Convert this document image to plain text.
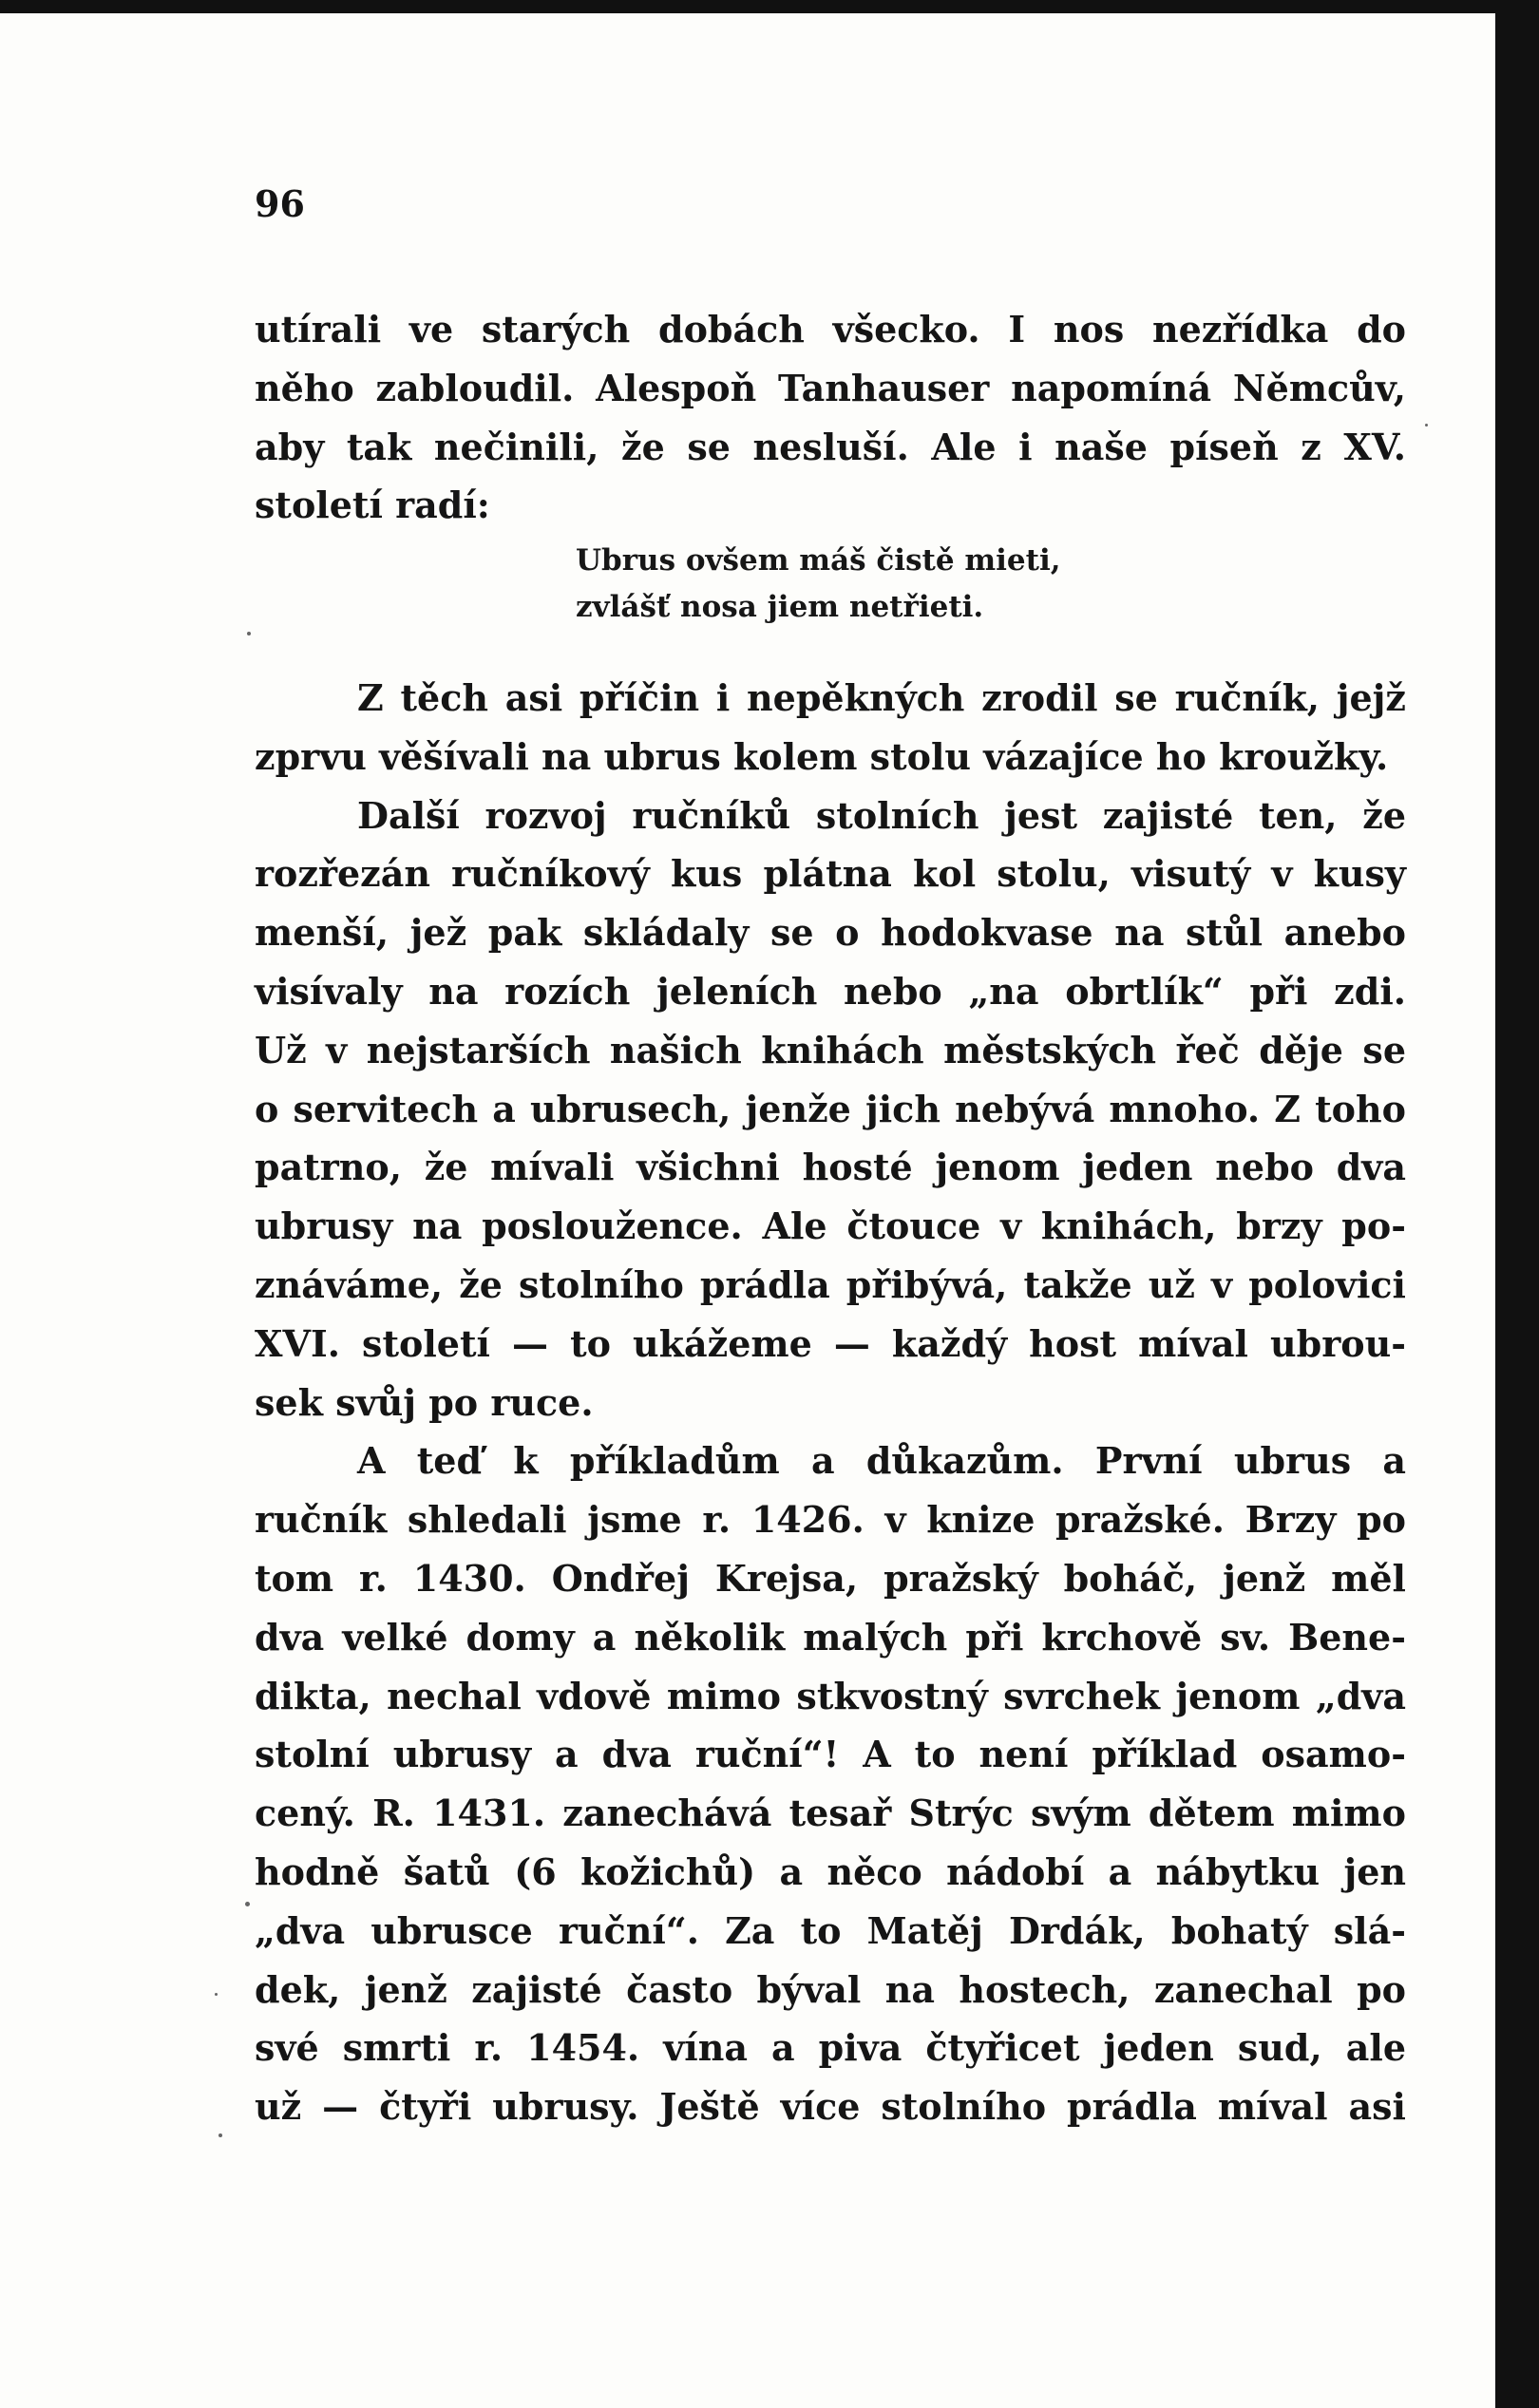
96
utírali ve starých dobách všecko. I nos nezřídka do
něho zabloudil. Alespoň Tanhauser napomíná Němcův,
aby tak nečinili, že se nesluší. Ale i naše píseň z XV.
století radí:
Ubrus ovšem máš čistě mieti,
zvlášť nosa jiem netřieti.
Z těch asi příčin i nepěkných zrodil se ručník, jejž
zprvu věšívali na ubrus kolem stolu vázajíce ho kroužky.
Další rozvoj ručníků stolních jest zajisté ten, že
rozřezán ručníkový kus plátna kol stolu, visutý v kusy
menší, jež pak skládaly se o hodokvase na stůl anebo
visívaly na rozích jeleních nebo „na obrtlík“ při zdi.
Už v nejstarších našich knihách městských řeč děje se
o servitech a ubrusech, jenže jich nebývá mnoho. Z toho
patrno, že mívali všichni hosté jenom jeden nebo dva
ubrusy na posloužence. Ale čtouce v knihách, brzy po-
znáváme, že stolního prádla přibývá, takže už v polovici
XVI. století — to ukážeme — každý host míval ubrou-
sek svůj po ruce.
A teď k příkladům a důkazům. První ubrus a
ručník shledali jsme r. 1426. v knize pražské. Brzy po
tom r. 1430. Ondřej Krejsa, pražský boháč, jenž měl
dva velké domy a několik malých při krchově sv. Bene-
dikta, nechal vdově mimo stkvostný svrchek jenom „dva
stolní ubrusy a dva ruční“! A to není příklad osamo-
cený. R. 1431. zanechává tesař Strýc svým dětem mimo
hodně šatů (6 kožichů) a něco nádobí a nábytku jen
„dva ubrusce ruční“. Za to Matěj Drdák, bohatý slá-
dek, jenž zajisté často býval na hostech, zanechal po
své smrti r. 1454. vína a piva čtyřicet jeden sud, ale
už — čtyři ubrusy. Ještě více stolního prádla míval asi
